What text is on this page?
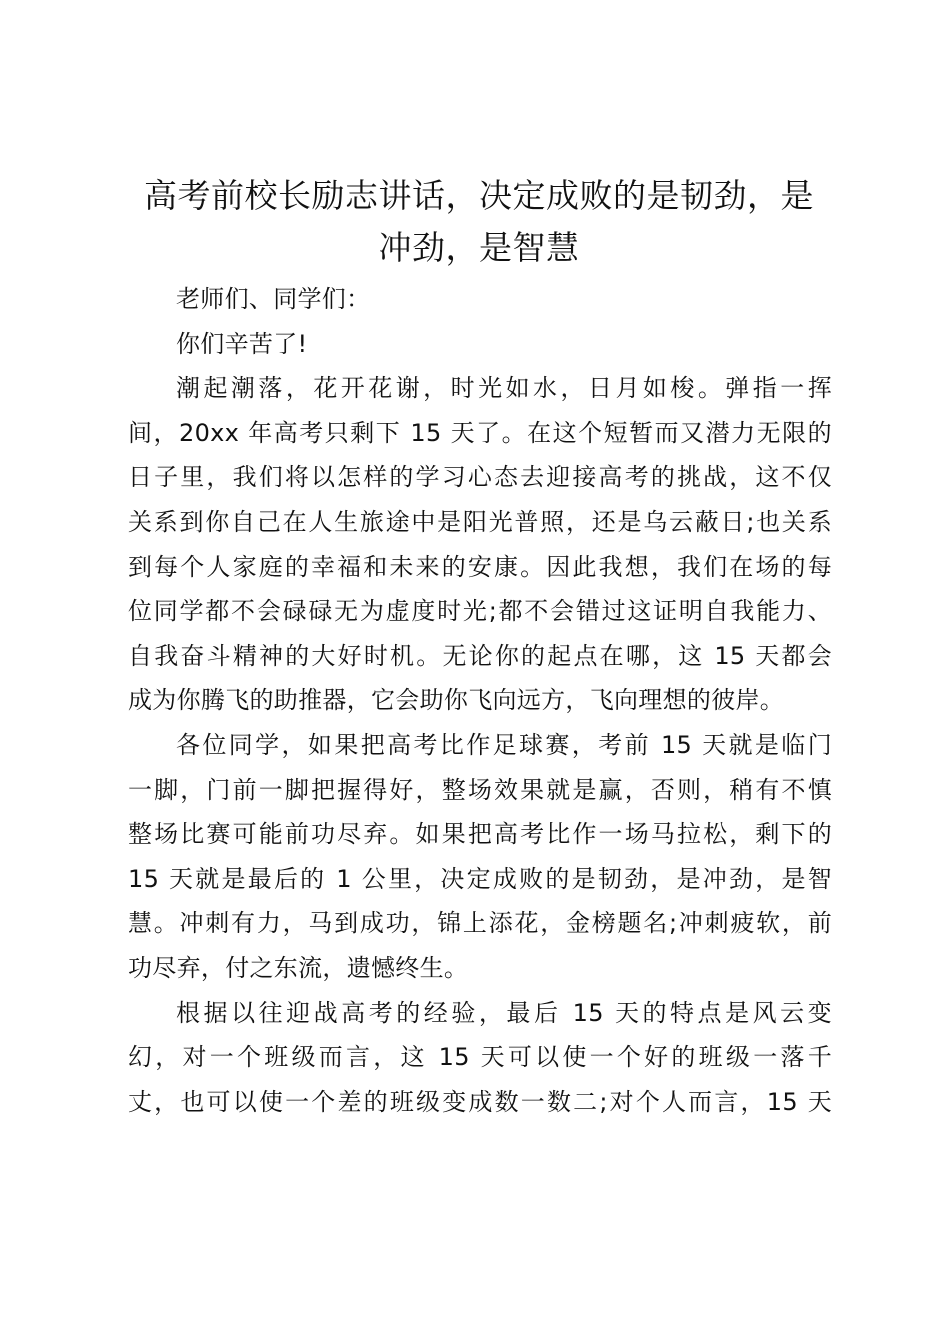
高考前校长励志讲话，决定成败的是韧劲，是
冲劲，是智慧
老师们、同学们：
你们辛苦了!
潮起潮落，花开花谢，时光如水，日月如梭。弹指一挥
间，20xx 年高考只剩下 15 天了。在这个短暂而又潜力无限的
日子里，我们将以怎样的学习心态去迎接高考的挑战，这不仅
关系到你自己在人生旅途中是阳光普照，还是乌云蔽日;也关系
到每个人家庭的幸福和未来的安康。因此我想，我们在场的每
位同学都不会碌碌无为虚度时光;都不会错过这证明自我能力、
自我奋斗精神的大好时机。无论你的起点在哪，这 15 天都会
成为你腾飞的助推器，它会助你飞向远方，飞向理想的彼岸。
各位同学，如果把高考比作足球赛，考前 15 天就是临门
一脚，门前一脚把握得好，整场效果就是赢，否则，稍有不慎
整场比赛可能前功尽弃。如果把高考比作一场马拉松，剩下的
15 天就是最后的 1 公里，决定成败的是韧劲，是冲劲，是智
慧。冲刺有力，马到成功，锦上添花，金榜题名;冲刺疲软，前
功尽弃，付之东流，遗憾终生。
根据以往迎战高考的经验，最后 15 天的特点是风云变
幻，对一个班级而言，这 15 天可以使一个好的班级一落千
丈，也可以使一个差的班级变成数一数二;对个人而言，15 天
